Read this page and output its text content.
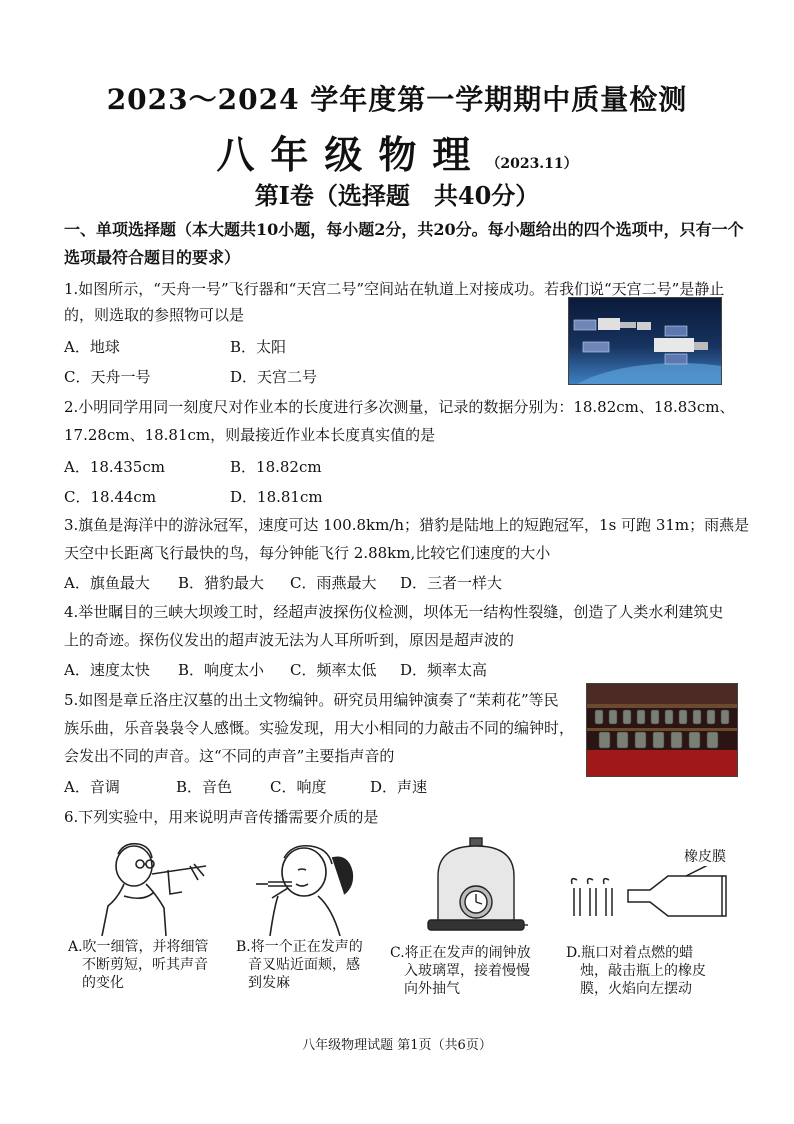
2023～2024 学年度第一学期期中质量检测
八年级物理（2023.11）
第Ⅰ卷（选择题　共40分）
一、单项选择题（本大题共10小题，每小题2分，共20分。每小题给出的四个选项中，只有一个选项最符合题目的要求）
1.如图所示，“天舟一号”飞行器和“天宫二号”空间站在轨道上对接成功。若我们说“天宫二号”是静止
的，则选取的参照物可以是
A．地球	B．太阳
C．天舟一号	D．天宫二号
2.小明同学用同一刻度尺对作业本的长度进行多次测量，记录的数据分别为：18.82cm、18.83cm、
17.28cm、18.81cm，则最接近作业本长度真实值的是
A．18.435cm	B．18.82cm
C．18.44cm	D．18.81cm
3.旗鱼是海洋中的游泳冠军，速度可达 100.8km/h；猎豹是陆地上的短跑冠军，1s 可跑 31m；雨燕是
天空中长距离飞行最快的鸟，每分钟能飞行 2.88km,比较它们速度的大小
A．旗鱼最大 B．猎豹最大 C．雨燕最大 D．三者一样大
4.举世瞩目的三峡大坝竣工时，经超声波探伤仪检测，坝体无一结构性裂缝，创造了人类水利建筑史
上的奇迹。探伤仪发出的超声波无法为人耳所听到，原因是超声波的
A．速度太快 B．响度太小 C．频率太低 D．频率太高
5.如图是章丘洛庄汉墓的出土文物编钟。研究员用编钟演奏了“茉莉花”等民
族乐曲，乐音袅袅令人感慨。实验发现，用大小相同的力敲击不同的编钟时，
会发出不同的声音。这“不同的声音”主要指声音的
A．音调	B．音色	C．响度	D．声速
6.下列实验中，用来说明声音传播需要介质的是
橡皮膜
A.吹一细管，并将细管
不断剪短，听其声音
的变化
B.将一个正在发声的
音叉贴近面颊，感
到发麻
C.将正在发声的闹钟放
入玻璃罩，接着慢慢
向外抽气
D.瓶口对着点燃的蜡
烛，敲击瓶上的橡皮
膜，火焰向左摆动
八年级物理试题 第1页（共6页）
